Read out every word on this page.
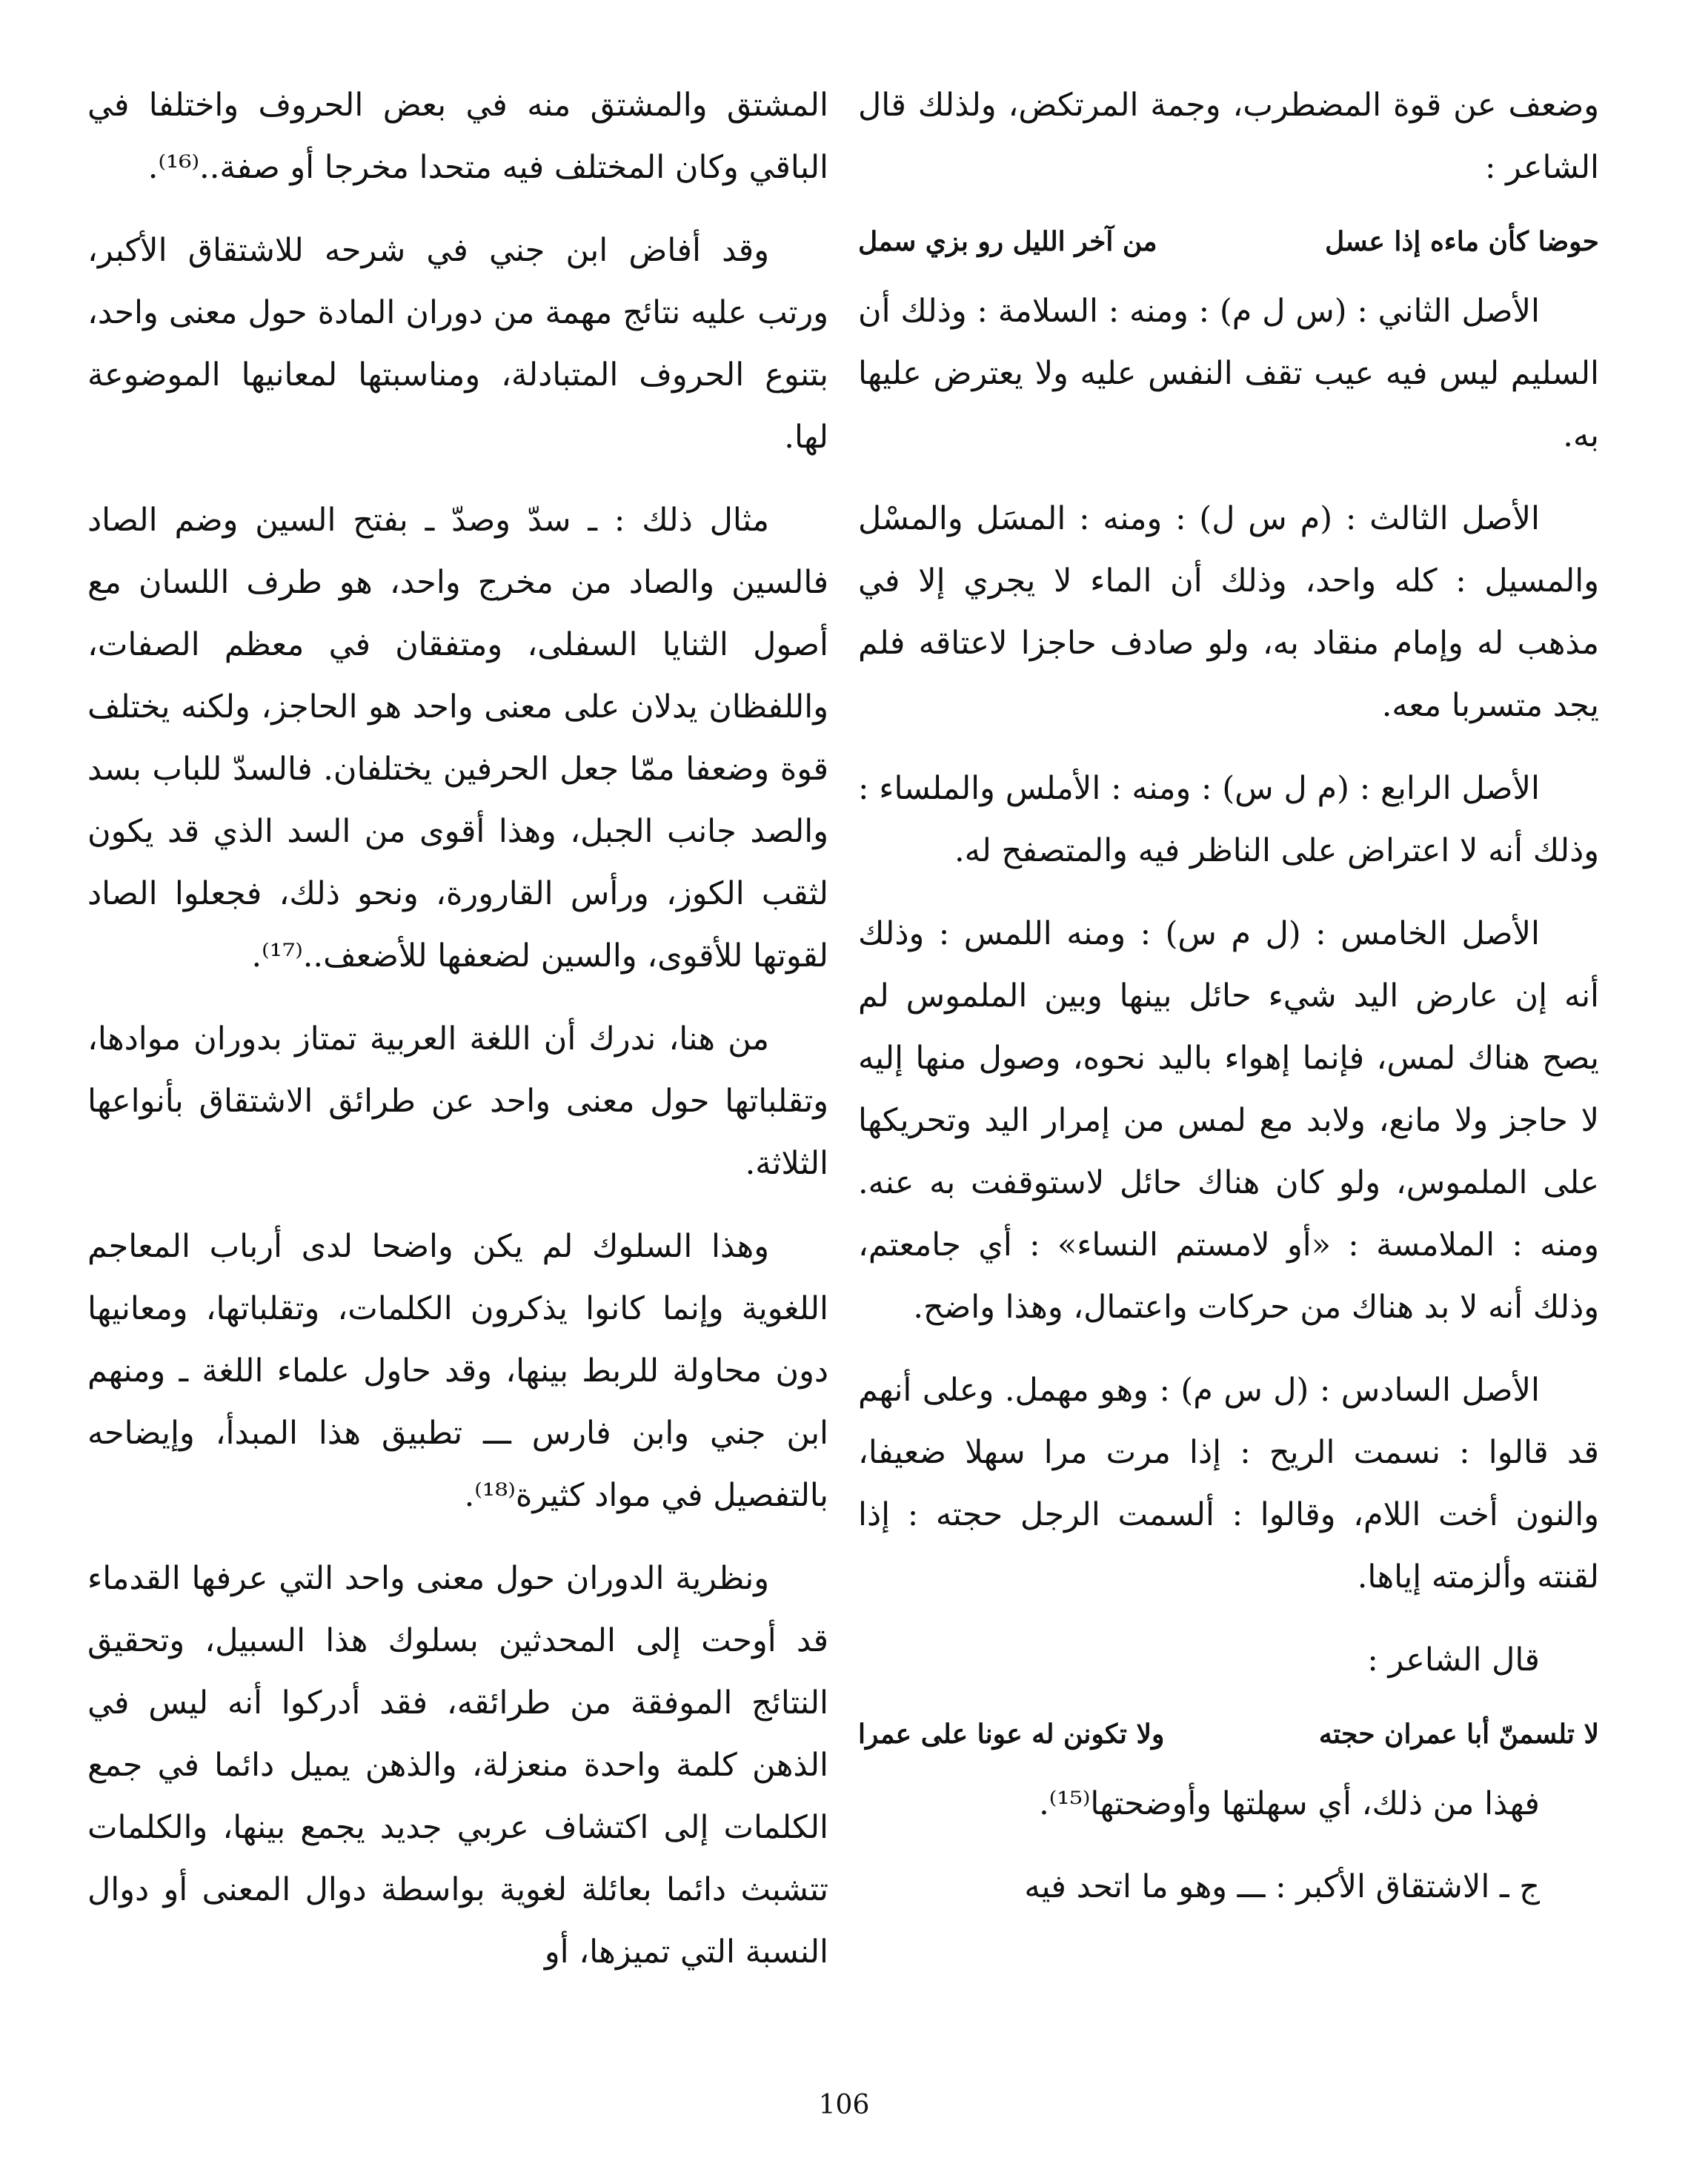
وضعف عن قوة المضطرب، وجمة المرتكض، ولذلك قال الشاعر :

حوضا كأن ماءه إذا عسل
من آخر الليل رو بزي سمل

الأصل الثاني : (س ل م) : ومنه : السلامة : وذلك أن السليم ليس فيه عيب تقف النفس عليه ولا يعترض عليها به.

الأصل الثالث : (م س ل) : ومنه : المسَل والمسْل والمسيل : كله واحد، وذلك أن الماء لا يجري إلا في مذهب له وإمام منقاد به، ولو صادف حاجزا لاعتاقه فلم يجد متسربا معه.

الأصل الرابع : (م ل س) : ومنه : الأملس والملساء : وذلك أنه لا اعتراض على الناظر فيه والمتصفح له.

الأصل الخامس : (ل م س) : ومنه اللمس : وذلك أنه إن عارض اليد شيء حائل بينها وبين الملموس لم يصح هناك لمس، فإنما إهواء باليد نحوه، وصول منها إليه لا حاجز ولا مانع، ولابد مع لمس من إمرار اليد وتحريكها على الملموس، ولو كان هناك حائل لاستوقفت به عنه. ومنه : الملامسة : «أو لامستم النساء» : أي جامعتم، وذلك أنه لا بد هناك من حركات واعتمال، وهذا واضح.

الأصل السادس : (ل س م) : وهو مهمل. وعلى أنهم قد قالوا : نسمت الريح : إذا مرت مرا سهلا ضعيفا، والنون أخت اللام، وقالوا : ألسمت الرجل حجته : إذا لقنته وألزمته إياها.

قال الشاعر :

لا تلسمنّ أبا عمران حجته
ولا تكونن له عونا على عمرا

فهذا من ذلك، أي سهلتها وأوضحتها⁽¹⁵⁾.

ج ـ الاشتقاق الأكبر : ـــ وهو ما اتحد فيه

المشتق والمشتق منه في بعض الحروف واختلفا في الباقي وكان المختلف فيه متحدا مخرجا أو صفة..⁽¹⁶⁾.

وقد أفاض ابن جني في شرحه للاشتقاق الأكبر، ورتب عليه نتائج مهمة من دوران المادة حول معنى واحد، بتنوع الحروف المتبادلة، ومناسبتها لمعانيها الموضوعة لها.

مثال ذلك : ـ سدّ وصدّ ـ بفتح السين وضم الصاد فالسين والصاد من مخرج واحد، هو طرف اللسان مع أصول الثنايا السفلى، ومتفقان في معظم الصفات، واللفظان يدلان على معنى واحد هو الحاجز، ولكنه يختلف قوة وضعفا ممّا جعل الحرفين يختلفان. فالسدّ للباب بسد والصد جانب الجبل، وهذا أقوى من السد الذي قد يكون لثقب الكوز، ورأس القارورة، ونحو ذلك، فجعلوا الصاد لقوتها للأقوى، والسين لضعفها للأضعف..⁽¹⁷⁾.

من هنا، ندرك أن اللغة العربية تمتاز بدوران موادها، وتقلباتها حول معنى واحد عن طرائق الاشتقاق بأنواعها الثلاثة.

وهذا السلوك لم يكن واضحا لدى أرباب المعاجم اللغوية وإنما كانوا يذكرون الكلمات، وتقلباتها، ومعانيها دون محاولة للربط بينها، وقد حاول علماء اللغة ـ ومنهم ابن جني وابن فارس ـــ تطبيق هذا المبدأ، وإيضاحه بالتفصيل في مواد كثيرة⁽¹⁸⁾.

ونظرية الدوران حول معنى واحد التي عرفها القدماء قد أوحت إلى المحدثين بسلوك هذا السبيل، وتحقيق النتائج الموفقة من طرائقه، فقد أدركوا أنه ليس في الذهن كلمة واحدة منعزلة، والذهن يميل دائما في جمع الكلمات إلى اكتشاف عربي جديد يجمع بينها، والكلمات تتشبث دائما بعائلة لغوية بواسطة دوال المعنى أو دوال النسبة التي تميزها، أو

106
